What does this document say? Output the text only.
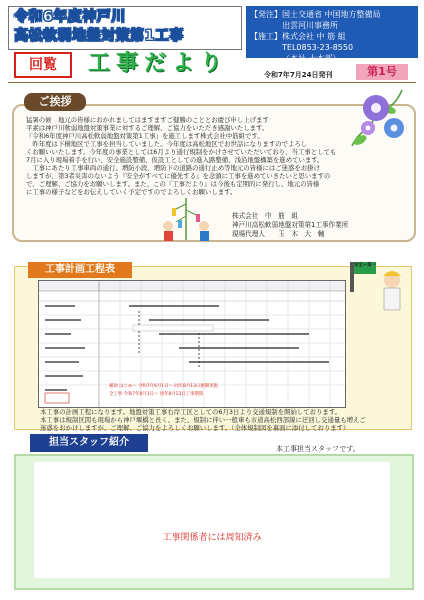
令和6年度神戸川
高松軟弱地盤対策第1工事
【発注】 国土交通省 中国地方整備局
出雲河川事務所
【施工】 株式会社 中 筋 組
TEL0853-23-8550
（本社 土木部）
回覧	工事だより	令和7年7月24日発刊	第1号
ご挨拶
猛暑の候　地元の皆様におかれましてはますますご健勝のこととお慶び申し上げます
平素は神戸川軟弱地盤対策事業に対するご理解、ご協力をいただき感謝いたします。
『令和6年度神戸川高松軟弱地盤対策第1工事』を施工します株式会社中筋組です。
　昨年度は下横地区で工事を担当していました。今年度は高松地区でお世話になりますのでよろし
くお願いいたします。今年度の事業としては6月より通行規制をかけさせていただいており、当工事としても
7月に入り現場着手を行い、安全施設整備、仮設工としての進入路整備、浅沿地盤構築を進めています。
　工事にあたり工事車両の通行、増防小段、増防下の道路の通行止め等地元の皆様にはご迷惑をお掛け
しますが、第3者災害のないよう『安全がすべてに優先する』を念頭に工事を進めていきたいと思いますの
で、ご理解、ご協力をお願いします。また、この『工事だより』は今後も定期的に発行し、地元の皆様
に工事の様子などをお伝えしていく予定ですのでよろしくお願いします。
株式会社　中　筋　組
神戸川高松軟弱地盤対策第1工事作業所
現場代理人　　玉　木　大　輔
工事計画工程表
補助 はじめ～ 令和7年6月1日～ 同年8月13日規制実施
全工事 令和7年8月1日～ 同年8月13日工事期間
安全＋第一
本工事の計画工程になります。地盤対策工事右岸工区としての6月3日より交通規制を開始しております。
本工事は規制区間も現場から神戸堰橋と長く、また、規制に伴い一般車も市道高松西部線に迂回し交通量も増えご
迷惑をおかけしますが、ご理解、ご協力をよろしくお願いします。（全体規制図を裏面に添付しております）
担当スタッフ紹介
本工事担当スタッフです。
工事関係者には周知済み
